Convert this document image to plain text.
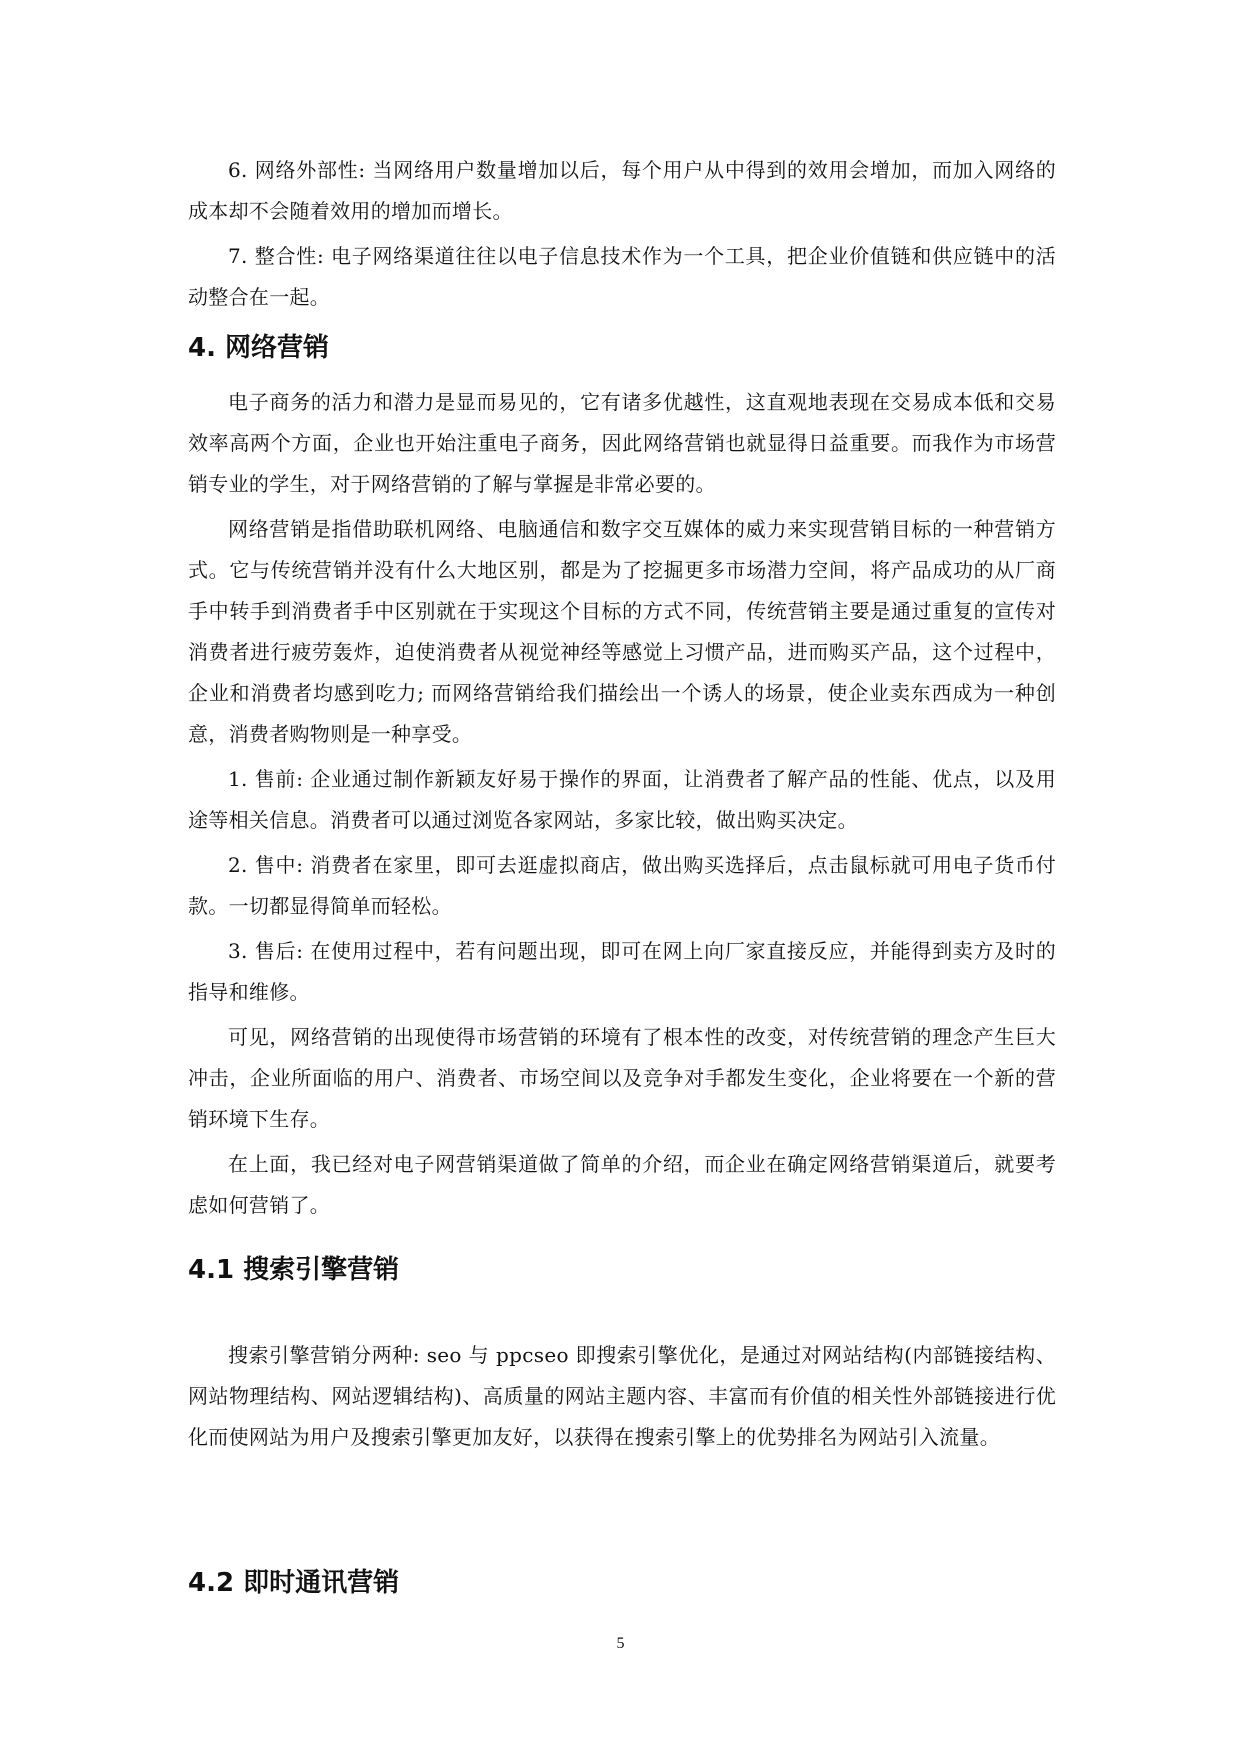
6. 网络外部性: 当网络用户数量增加以后，每个用户从中得到的效用会增加，而加入网络的成本却不会随着效用的增加而增长。

7. 整合性: 电子网络渠道往往以电子信息技术作为一个工具，把企业价值链和供应链中的活动整合在一起。

4. 网络营销

电子商务的活力和潜力是显而易见的，它有诸多优越性，这直观地表现在交易成本低和交易效率高两个方面，企业也开始注重电子商务，因此网络营销也就显得日益重要。而我作为市场营销专业的学生，对于网络营销的了解与掌握是非常必要的。

网络营销是指借助联机网络、电脑通信和数字交互媒体的威力来实现营销目标的一种营销方式。它与传统营销并没有什么大地区别，都是为了挖掘更多市场潜力空间，将产品成功的从厂商手中转手到消费者手中区别就在于实现这个目标的方式不同，传统营销主要是通过重复的宣传对消费者进行疲劳轰炸，迫使消费者从视觉神经等感觉上习惯产品，进而购买产品，这个过程中，企业和消费者均感到吃力; 而网络营销给我们描绘出一个诱人的场景，使企业卖东西成为一种创意，消费者购物则是一种享受。

1. 售前: 企业通过制作新颖友好易于操作的界面，让消费者了解产品的性能、优点，以及用途等相关信息。消费者可以通过浏览各家网站，多家比较，做出购买决定。

2. 售中: 消费者在家里，即可去逛虚拟商店，做出购买选择后，点击鼠标就可用电子货币付款。一切都显得简单而轻松。

3. 售后: 在使用过程中，若有问题出现，即可在网上向厂家直接反应，并能得到卖方及时的指导和维修。

可见，网络营销的出现使得市场营销的环境有了根本性的改变，对传统营销的理念产生巨大冲击，企业所面临的用户、消费者、市场空间以及竞争对手都发生变化，企业将要在一个新的营销环境下生存。

在上面，我已经对电子网营销渠道做了简单的介绍，而企业在确定网络营销渠道后，就要考虑如何营销了。

4.1 搜索引擎营销

搜索引擎营销分两种: seo 与 ppcseo 即搜索引擎优化，是通过对网站结构(内部链接结构、网站物理结构、网站逻辑结构)、高质量的网站主题内容、丰富而有价值的相关性外部链接进行优化而使网站为用户及搜索引擎更加友好，以获得在搜索引擎上的优势排名为网站引入流量。

4.2 即时通讯营销
5
